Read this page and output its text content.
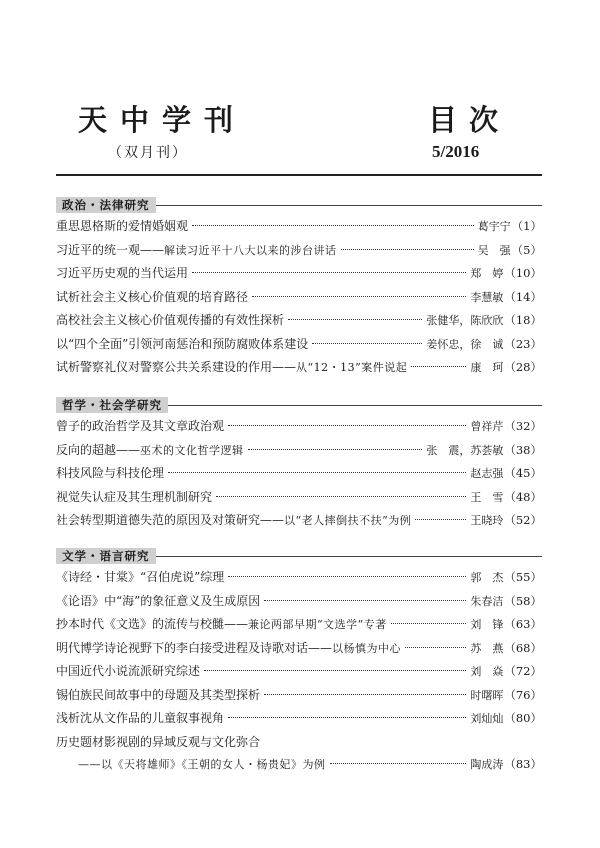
天中学刊
（双月刊）
目次
5/2016
政治・法律研究
重思恩格斯的爱情婚姻观	葛宇宁 （1）
习近平的统一观——解读习近平十八大以来的涉台讲话	吴　强 （5）
习近平历史观的当代运用	郑　婷 （10）
试析社会主义核心价值观的培育路径	李慧敏 （14）
高校社会主义核心价值观传播的有效性探析	张健华，陈欣欣 （18）
以“四个全面”引领河南惩治和预防腐败体系建设	姜怀忠，徐　诚 （23）
试析警察礼仪对警察公共关系建设的作用——从“12・13”案件说起	康　珂 （28）
哲学・社会学研究
曾子的政治哲学及其文章政治观	曾祥芹 （32）
反向的超越——巫术的文化哲学逻辑	张　震，苏荟敏 （38）
科技风险与科技伦理	赵志强 （45）
视觉失认症及其生理机制研究	王　雪 （48）
社会转型期道德失范的原因及对策研究——以“老人摔倒扶不扶”为例	王晓玲 （52）
文学・语言研究
《诗经・甘棠》“召伯虎说”综理	郭　杰 （55）
《论语》中“海”的象征意义及生成原因	朱春洁 （58）
抄本时代《文选》的流传与校雠——兼论两部早期“文选学”专著	刘　锋 （63）
明代博学诗论视野下的李白接受进程及诗歌对话——以杨慎为中心	苏　燕 （68）
中国近代小说流派研究综述	刘　焱 （72）
锡伯族民间故事中的母题及其类型探析	时曙晖 （76）
浅析沈从文作品的儿童叙事视角	刘灿灿 （80）
历史题材影视剧的异域反观与文化弥合
——以《天将雄师》《王朝的女人・杨贵妃》为例	陶成涛 （83）
